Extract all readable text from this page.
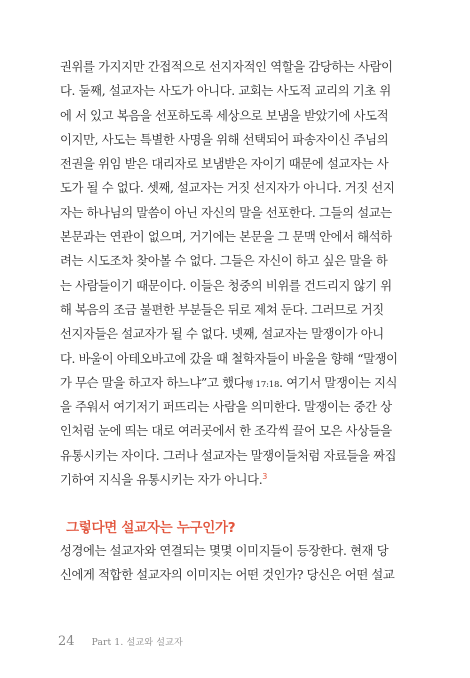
권위를 가지지만 간접적으로 선지자적인 역할을 감당하는 사람이
다. 둘째, 설교자는 사도가 아니다. 교회는 사도적 교리의 기초 위
에 서 있고 복음을 선포하도록 세상으로 보냄을 받았기에 사도적
이지만, 사도는 특별한 사명을 위해 선택되어 파송자이신 주님의
전권을 위임 받은 대리자로 보냄받은 자이기 때문에 설교자는 사
도가 될 수 없다. 셋째, 설교자는 거짓 선지자가 아니다. 거짓 선지
자는 하나님의 말씀이 아닌 자신의 말을 선포한다. 그들의 설교는
본문과는 연관이 없으며, 거기에는 본문을 그 문맥 안에서 해석하
려는 시도조차 찾아볼 수 없다. 그들은 자신이 하고 싶은 말을 하
는 사람들이기 때문이다. 이들은 청중의 비위를 건드리지 않기 위
해 복음의 조금 불편한 부분들은 뒤로 제쳐 둔다. 그러므로 거짓
선지자들은 설교자가 될 수 없다. 넷째, 설교자는 말쟁이가 아니
다. 바울이 아테오바고에 갔을 때 철학자들이 바울을 향해 “말쟁이
가 무슨 말을 하고자 하느냐”고 했다행 17:18. 여기서 말쟁이는 지식
을 주워서 여기저기 퍼뜨리는 사람을 의미한다. 말쟁이는 중간 상
인처럼 눈에 띄는 대로 여러곳에서 한 조각씩 끌어 모은 사상들을
유통시키는 자이다. 그러나 설교자는 말쟁이들처럼 자료들을 짜집
기하여 지식을 유통시키는 자가 아니다.$^3$
그렇다면 설교자는 누구인가?
성경에는 설교자와 연결되는 몇몇 이미지들이 등장한다. 현재 당
신에게 적합한 설교자의 이미지는 어떤 것인가? 당신은 어떤 설교
24 Part 1. 설교와 설교자
